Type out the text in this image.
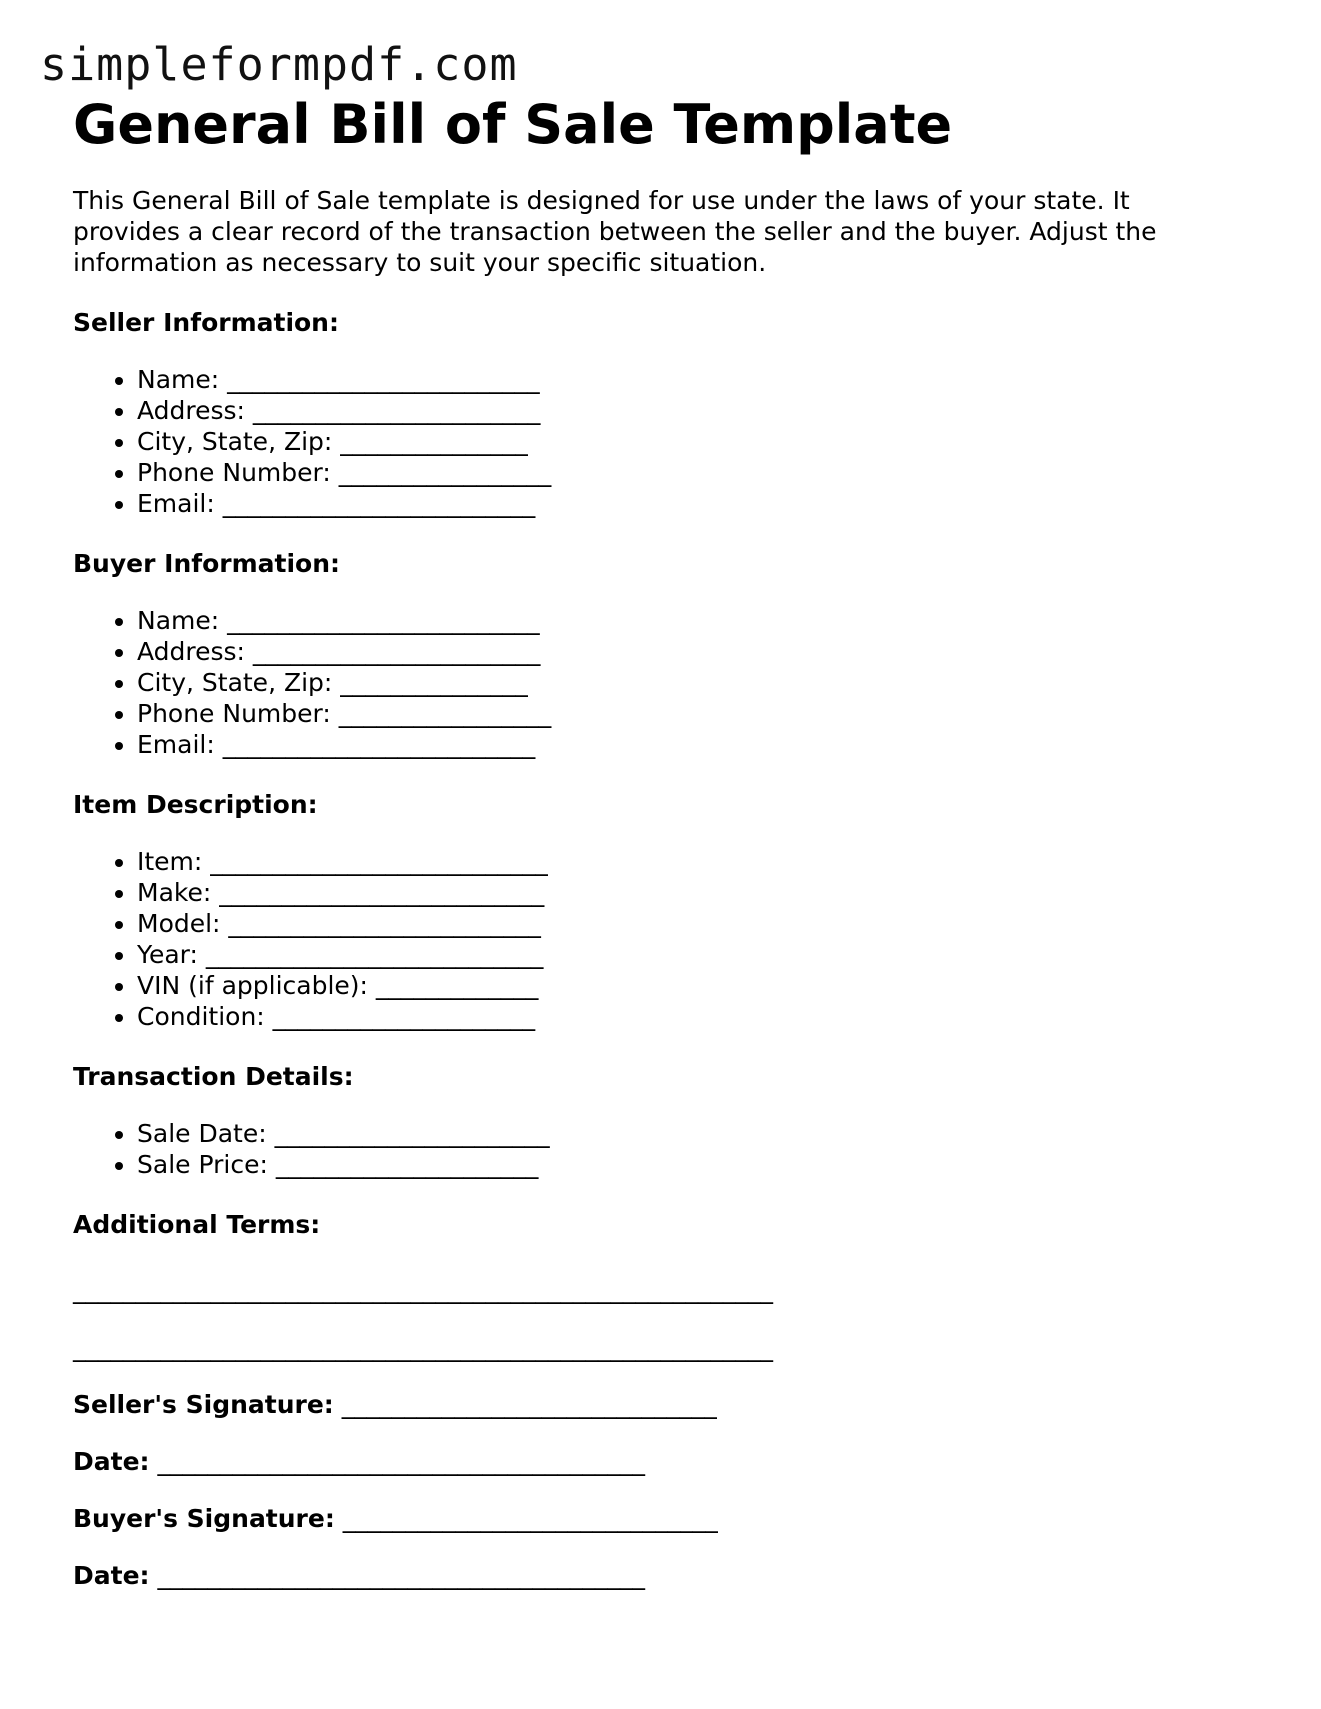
simpleformpdf.com
General Bill of Sale Template

This General Bill of Sale template is designed for use under the laws of your state. It provides a clear record of the transaction between the seller and the buyer. Adjust the information as necessary to suit your specific situation.

Seller Information:
• Name: _________________________
• Address: _______________________
• City, State, Zip: _______________
• Phone Number: _________________
• Email: _________________________
Buyer Information:
• Name: _________________________
• Address: _______________________
• City, State, Zip: _______________
• Phone Number: _________________
• Email: _________________________
Item Description:
• Item: ___________________________
• Make: __________________________
• Model: _________________________
• Year: ___________________________
• VIN (if applicable): _____________
• Condition: _____________________
Transaction Details:
• Sale Date: ______________________
• Sale Price: _____________________
Additional Terms:
________________________________________________________
________________________________________________________
Seller's Signature: ______________________________
Date: _______________________________________
Buyer's Signature: ______________________________
Date: _______________________________________
